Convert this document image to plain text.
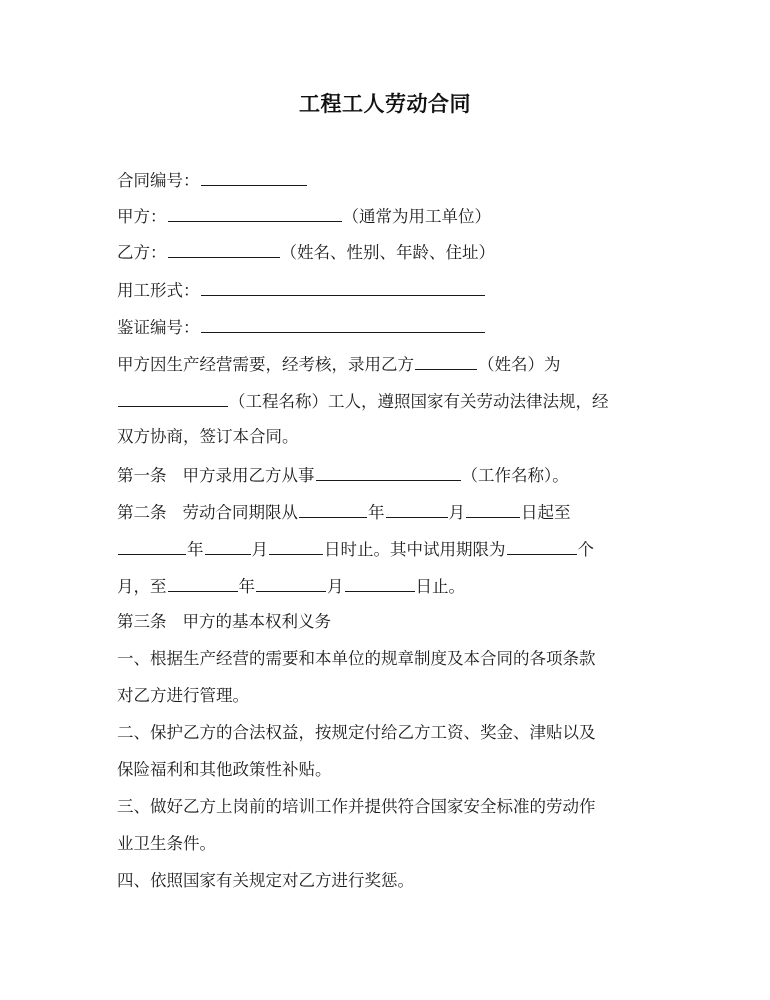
工程工人劳动合同
合同编号：
甲方：	（通常为用工单位）
乙方：	（姓名、性别、年龄、住址）
用工形式：
鉴证编号：
甲方因生产经营需要，经考核，录用乙方	（姓名）为
（工程名称）工人，遵照国家有关劳动法律法规，经
双方协商，签订本合同。
第一条 甲方录用乙方从事	（工作名称）。
第二条 劳动合同期限从	年	月	日起至
年	月	日时止。其中试用期限为	个
月，至	年	月	日止。
第三条 甲方的基本权利义务
一、根据生产经营的需要和本单位的规章制度及本合同的各项条款
对乙方进行管理。
二、保护乙方的合法权益，按规定付给乙方工资、奖金、津贴以及
保险福利和其他政策性补贴。
三、做好乙方上岗前的培训工作并提供符合国家安全标准的劳动作
业卫生条件。
四、依照国家有关规定对乙方进行奖惩。
